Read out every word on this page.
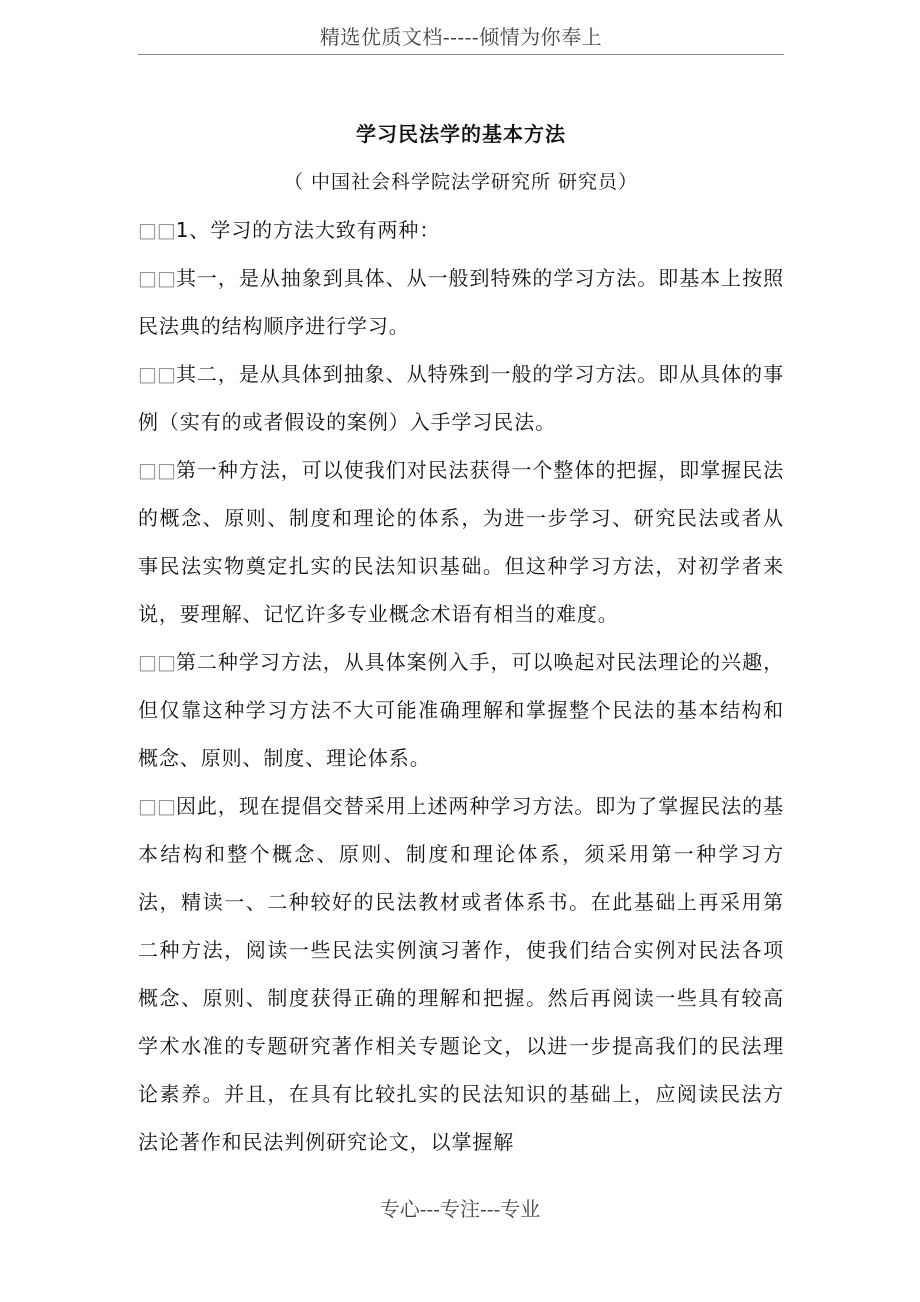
精选优质文档-----倾情为你奉上
学习民法学的基本方法

（ 中国社会科学院法学研究所 研究员）

□□1、学习的方法大致有两种：

□□其一，是从抽象到具体、从一般到特殊的学习方法。即基本上按照民法典的结构顺序进行学习。

□□其二，是从具体到抽象、从特殊到一般的学习方法。即从具体的事例（实有的或者假设的案例）入手学习民法。

□□第一种方法，可以使我们对民法获得一个整体的把握，即掌握民法的概念、原则、制度和理论的体系，为进一步学习、研究民法或者从事民法实物奠定扎实的民法知识基础。但这种学习方法，对初学者来说，要理解、记忆许多专业概念术语有相当的难度。

□□第二种学习方法，从具体案例入手，可以唤起对民法理论的兴趣，但仅靠这种学习方法不大可能准确理解和掌握整个民法的基本结构和概念、原则、制度、理论体系。

□□因此，现在提倡交替采用上述两种学习方法。即为了掌握民法的基本结构和整个概念、原则、制度和理论体系，须采用第一种学习方法，精读一、二种较好的民法教材或者体系书。在此基础上再采用第二种方法，阅读一些民法实例演习著作，使我们结合实例对民法各项概念、原则、制度获得正确的理解和把握。然后再阅读一些具有较高学术水准的专题研究著作相关专题论文，以进一步提高我们的民法理论素养。并且，在具有比较扎实的民法知识的基础上，应阅读民法方法论著作和民法判例研究论文，以掌握解

专心---专注---专业
